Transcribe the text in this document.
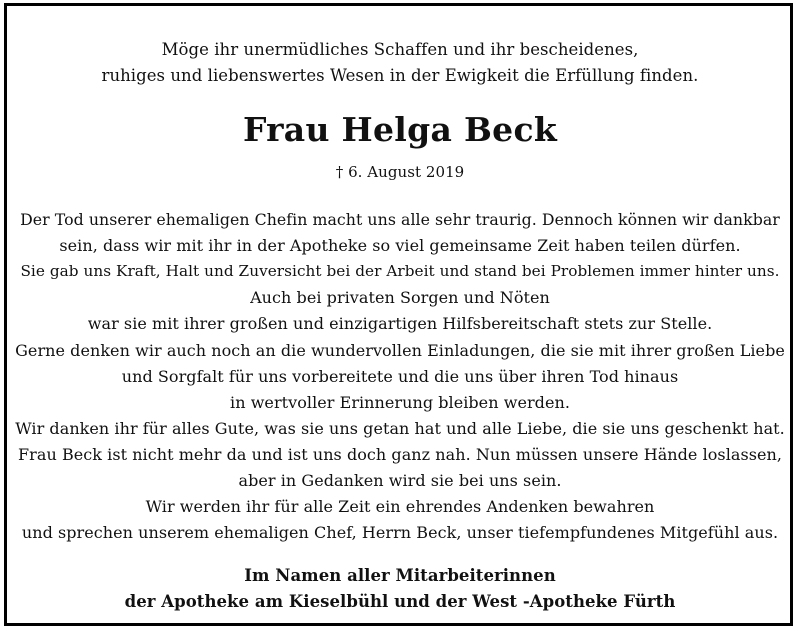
Möge ihr unermüdliches Schaffen und ihr bescheidenes,
ruhiges und liebenswertes Wesen in der Ewigkeit die Erfüllung finden.
Frau Helga Beck
† 6. August 2019
Der Tod unserer ehemaligen Chefin macht uns alle sehr traurig. Dennoch können wir dankbar
sein, dass wir mit ihr in der Apotheke so viel gemeinsame Zeit haben teilen dürfen.
Sie gab uns Kraft, Halt und Zuversicht bei der Arbeit und stand bei Problemen immer hinter uns.
Auch bei privaten Sorgen und Nöten
war sie mit ihrer großen und einzigartigen Hilfsbereitschaft stets zur Stelle.
Gerne denken wir auch noch an die wundervollen Einladungen, die sie mit ihrer großen Liebe
und Sorgfalt für uns vorbereitete und die uns über ihren Tod hinaus
in wertvoller Erinnerung bleiben werden.
Wir danken ihr für alles Gute, was sie uns getan hat und alle Liebe, die sie uns geschenkt hat.
Frau Beck ist nicht mehr da und ist uns doch ganz nah. Nun müssen unsere Hände loslassen,
aber in Gedanken wird sie bei uns sein.
Wir werden ihr für alle Zeit ein ehrendes Andenken bewahren
und sprechen unserem ehemaligen Chef, Herrn Beck, unser tiefempfundenes Mitgefühl aus.
Im Namen aller Mitarbeiterinnen
der Apotheke am Kieselbühl und der West -Apotheke Fürth
